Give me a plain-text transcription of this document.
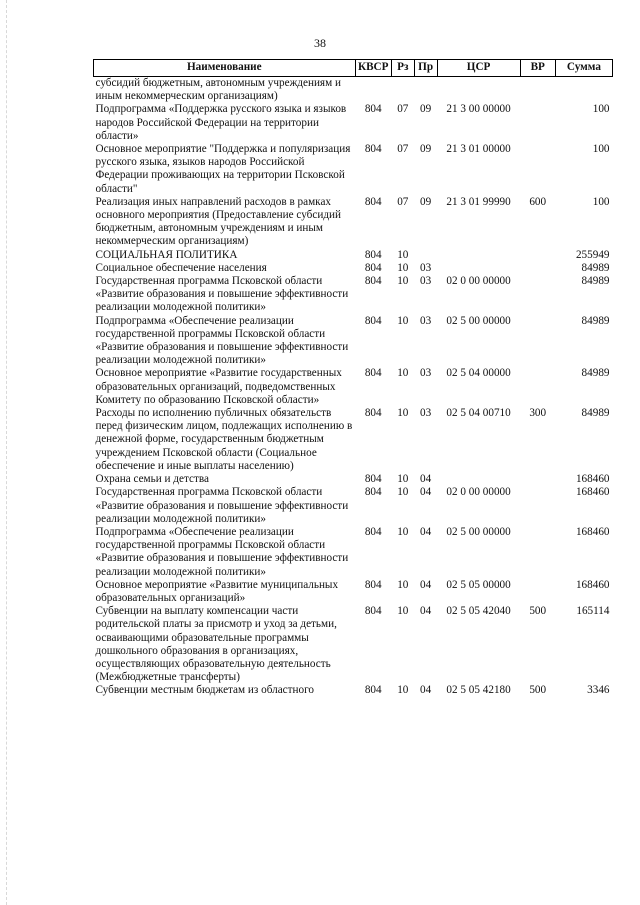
38
Наименование	КВСР	Рз	Пр	ЦСР	ВР	Сумма
субсидий бюджетным, автономным учреждениям и иным некоммерческим организациям)						
Подпрограмма «Поддержка русского языка и языков народов Российской Федерации на территории области»	804	07	09	21 3 00 00000		100
Основное мероприятие "Поддержка и популяризация русского языка, языков народов Российской Федерации проживающих на территории Псковской области"	804	07	09	21 3 01 00000		100
Реализация иных направлений расходов в рамках основного мероприятия (Предоставление субсидий бюджетным, автономным учреждениям и иным некоммерческим организациям)	804	07	09	21 3 01 99990	600	100
СОЦИАЛЬНАЯ ПОЛИТИКА	804	10				255949
Социальное обеспечение населения	804	10	03			84989
Государственная программа Псковской области «Развитие образования и повышение эффективности реализации молодежной политики»	804	10	03	02 0 00 00000		84989
Подпрограмма «Обеспечение реализации государственной программы Псковской области «Развитие образования и повышение эффективности реализации молодежной политики»	804	10	03	02 5 00 00000		84989
Основное мероприятие «Развитие государственных образовательных организаций, подведомственных Комитету по образованию Псковской области»	804	10	03	02 5 04 00000		84989
Расходы по исполнению публичных обязательств перед физическим лицом, подлежащих исполнению в денежной форме, государственным бюджетным учреждением Псковской области (Социальное обеспечение и иные выплаты населению)	804	10	03	02 5 04 00710	300	84989
Охрана семьи и детства	804	10	04			168460
Государственная программа Псковской области «Развитие образования и повышение эффективности реализации молодежной политики»	804	10	04	02 0 00 00000		168460
Подпрограмма «Обеспечение реализации государственной программы Псковской области «Развитие образования и повышение эффективности реализации молодежной политики»	804	10	04	02 5 00 00000		168460
Основное мероприятие «Развитие муниципальных образовательных организаций»	804	10	04	02 5 05 00000		168460
Субвенции на выплату компенсации части родительской платы за присмотр и уход за детьми, осваивающими образовательные программы дошкольного образования в организациях, осуществляющих образовательную деятельность (Межбюджетные трансферты)	804	10	04	02 5 05 42040	500	165114
Субвенции местным бюджетам из областного	804	10	04	02 5 05 42180	500	3346
